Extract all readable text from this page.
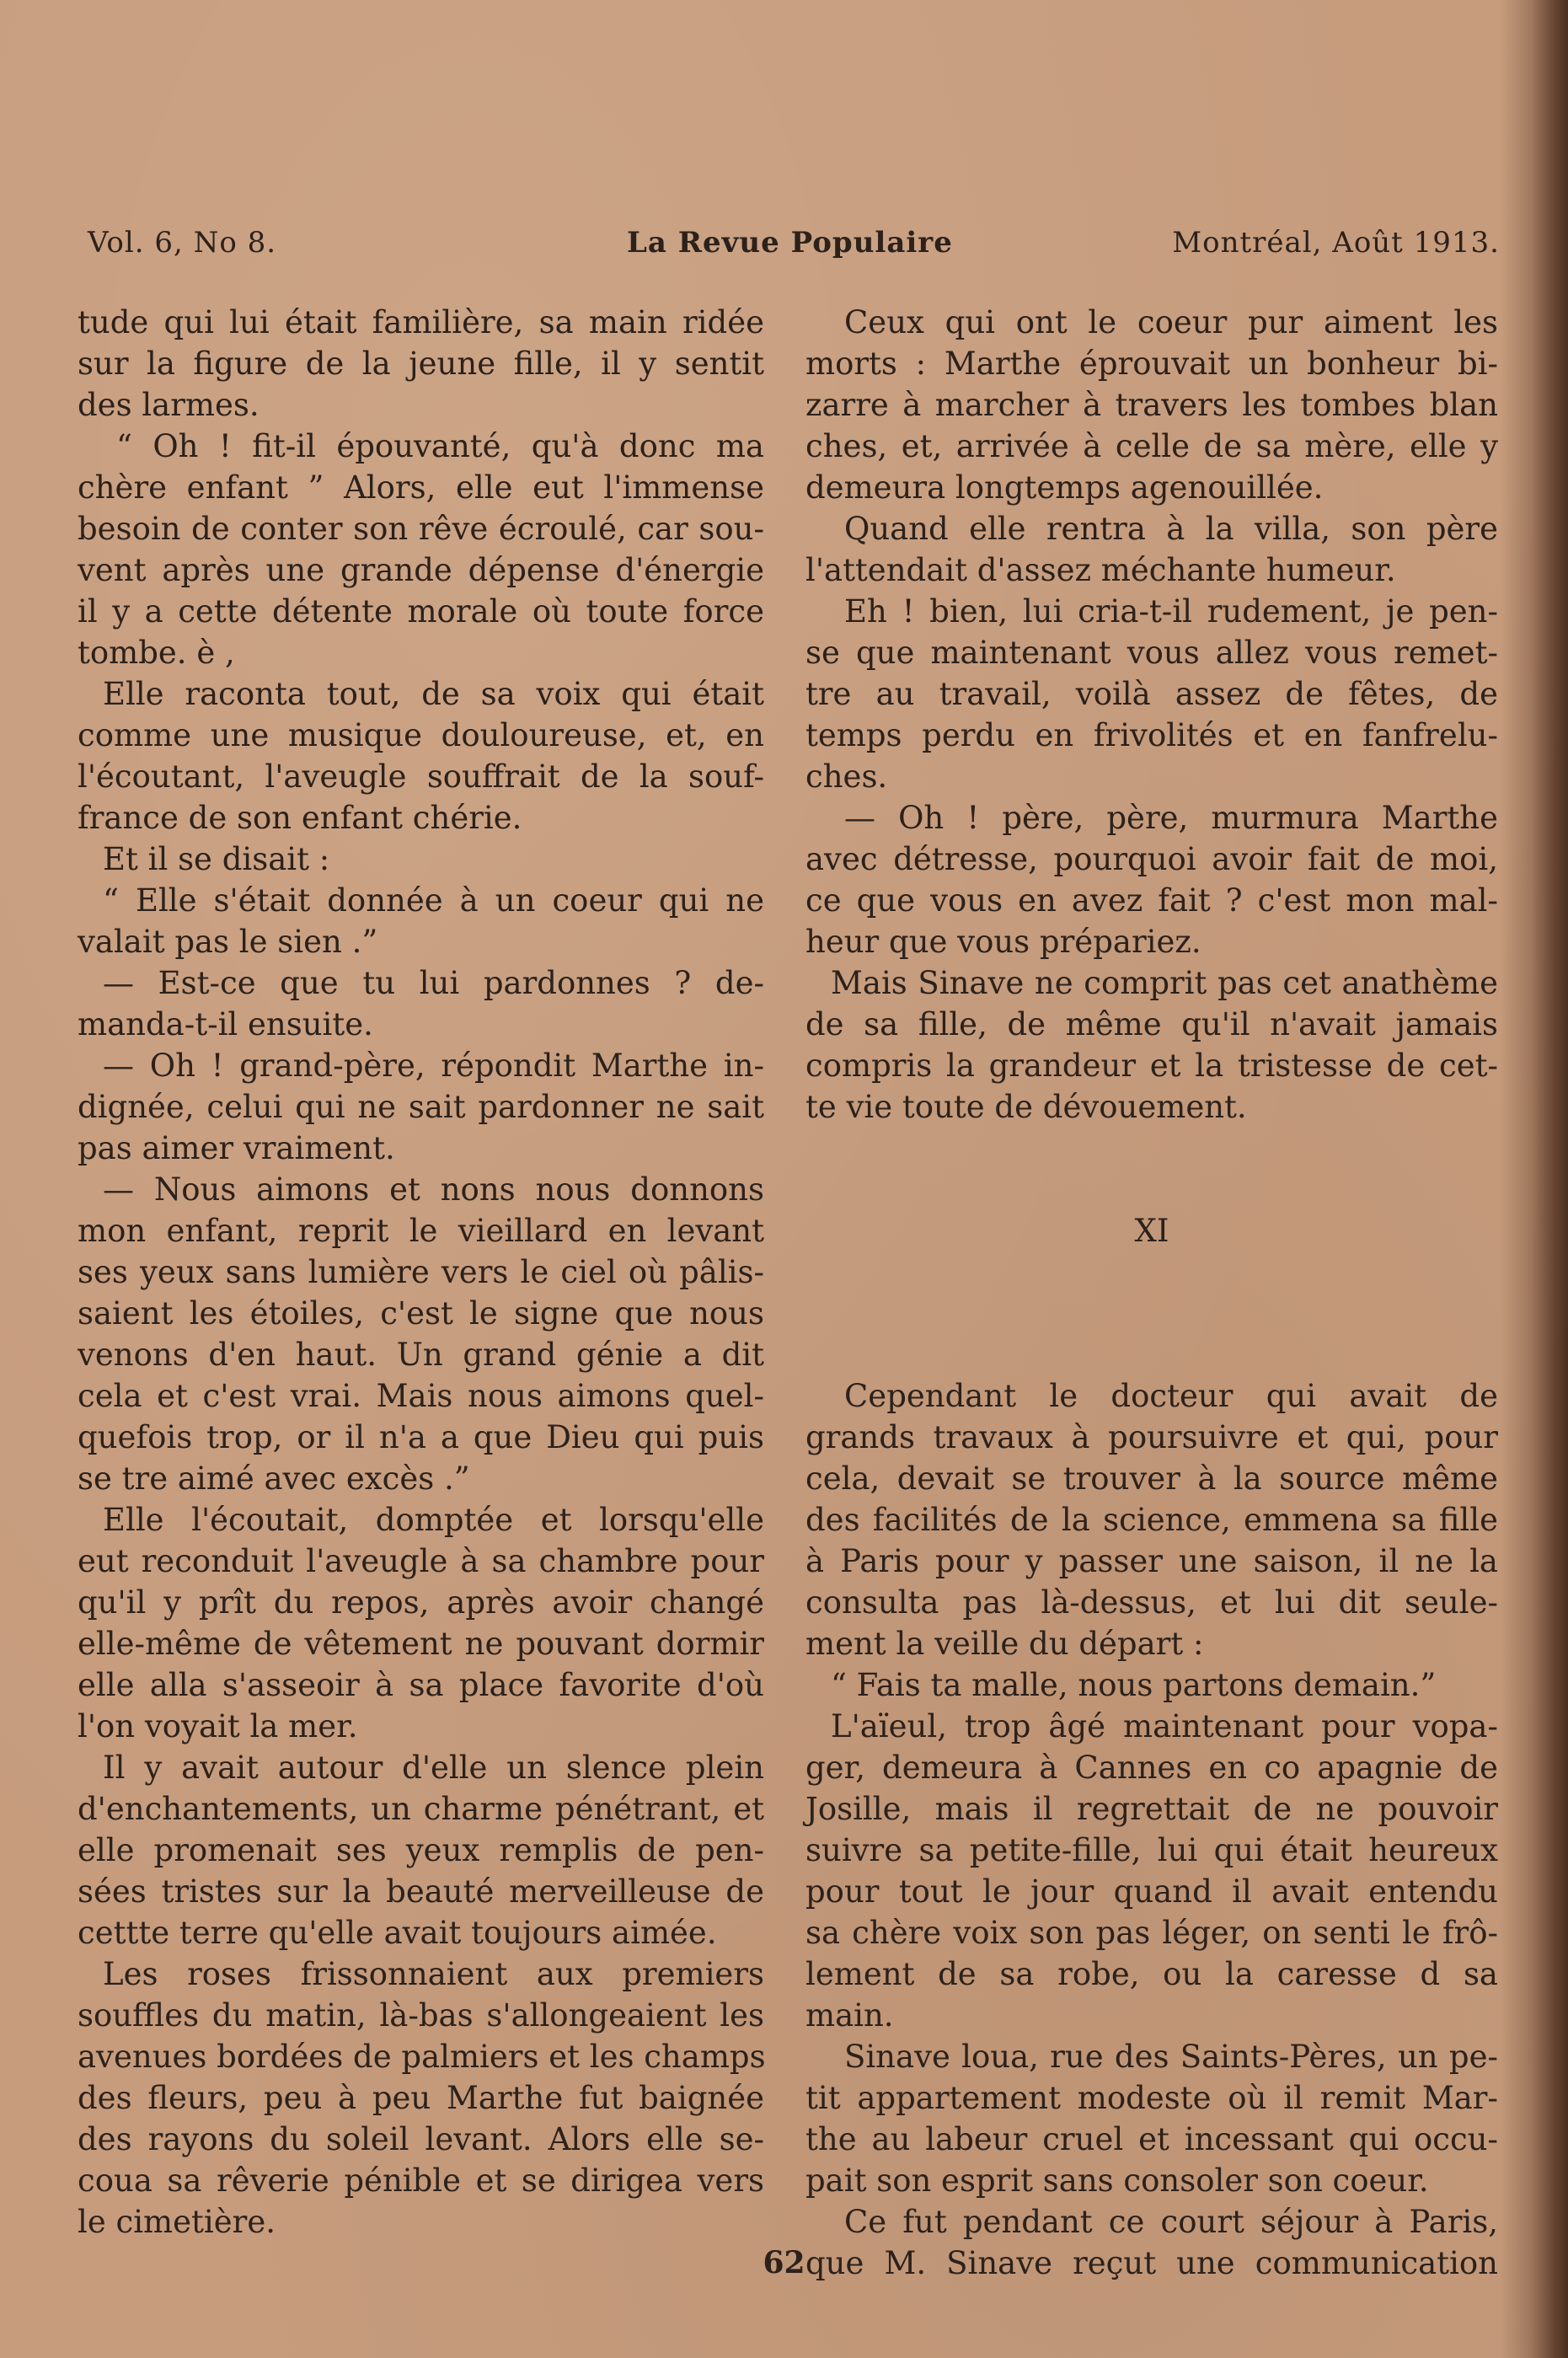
Vol. 6, No 8.	La Revue Populaire	Montréal, Août 1913.
tude qui lui était familière, sa main ridée
sur la figure de la jeune fille, il y sentit
des larmes.
“ Oh ! fit-il épouvanté, qu'à donc ma
chère enfant ” Alors, elle eut l'immense
besoin de conter son rêve écroulé, car sou-
vent après une grande dépense d'énergie
il y a cette détente morale où toute force
tombe. è ,
Elle raconta tout, de sa voix qui était
comme une musique douloureuse, et, en
l'écoutant, l'aveugle souffrait de la souf-
france de son enfant chérie.
Et il se disait :
“ Elle s'était donnée à un coeur qui ne
valait pas le sien .”
— Est-ce que tu lui pardonnes ? de-
manda-t-il ensuite.
— Oh ! grand-père, répondit Marthe in-
dignée, celui qui ne sait pardonner ne sait
pas aimer vraiment.
— Nous aimons et nons nous donnons
mon enfant, reprit le vieillard en levant
ses yeux sans lumière vers le ciel où pâlis-
saient les étoiles, c'est le signe que nous
venons d'en haut. Un grand génie a dit
cela et c'est vrai. Mais nous aimons quel-
quefois trop, or il n'a a que Dieu qui puis
se tre aimé avec excès .”
Elle l'écoutait, domptée et lorsqu'elle
eut reconduit l'aveugle à sa chambre pour
qu'il y prît du repos, après avoir changé
elle-même de vêtement ne pouvant dormir
elle alla s'asseoir à sa place favorite d'où
l'on voyait la mer.
Il y avait autour d'elle un slence plein
d'enchantements, un charme pénétrant, et
elle promenait ses yeux remplis de pen-
sées tristes sur la beauté merveilleuse de
cettte terre qu'elle avait toujours aimée.
Les roses frissonnaient aux premiers
souffles du matin, là-bas s'allongeaient les
avenues bordées de palmiers et les champs
des fleurs, peu à peu Marthe fut baignée
des rayons du soleil levant. Alors elle se-
coua sa rêverie pénible et se dirigea vers
le cimetière.
Ceux qui ont le coeur pur aiment les
morts : Marthe éprouvait un bonheur bi-
zarre à marcher à travers les tombes blan
ches, et, arrivée à celle de sa mère, elle y
demeura longtemps agenouillée.
Quand elle rentra à la villa, son père
l'attendait d'assez méchante humeur.
Eh ! bien, lui cria-t-il rudement, je pen-
se que maintenant vous allez vous remet-
tre au travail, voilà assez de fêtes, de
temps perdu en frivolités et en fanfrelu-
ches.
— Oh ! père, père, murmura Marthe
avec détresse, pourquoi avoir fait de moi,
ce que vous en avez fait ? c'est mon mal-
heur que vous prépariez.
Mais Sinave ne comprit pas cet anathème
de sa fille, de même qu'il n'avait jamais
compris la grandeur et la tristesse de cet-
te vie toute de dévouement.
XI
Cependant le docteur qui avait de
grands travaux à poursuivre et qui, pour
cela, devait se trouver à la source même
des facilités de la science, emmena sa fille
à Paris pour y passer une saison, il ne la
consulta pas là-dessus, et lui dit seule-
ment la veille du départ :
“ Fais ta malle, nous partons demain.”
L'aïeul, trop âgé maintenant pour vopa-
ger, demeura à Cannes en co apagnie de
Josille, mais il regrettait de ne pouvoir
suivre sa petite-fille, lui qui était heureux
pour tout le jour quand il avait entendu
sa chère voix son pas léger, on senti le frô-
lement de sa robe, ou la caresse d sa
main.
Sinave loua, rue des Saints-Pères, un pe-
tit appartement modeste où il remit Mar-
the au labeur cruel et incessant qui occu-
pait son esprit sans consoler son coeur.
Ce fut pendant ce court séjour à Paris,
que M. Sinave reçut une communication
62
